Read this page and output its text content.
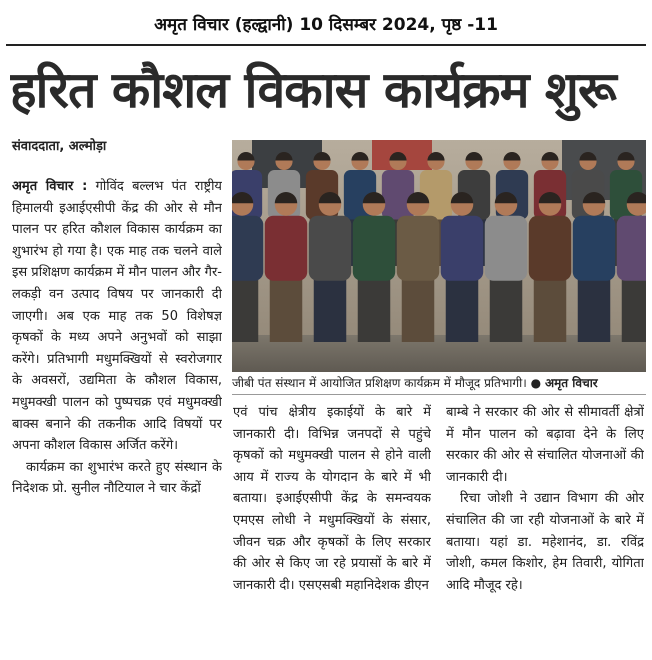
अमृत विचार (हल्द्वानी) 10 दिसम्बर 2024, पृष्ठ -11
हरित कौशल विकास कार्यक्रम शुरू
संवाददाता, अल्मोड़ा

अमृत विचार : गोविंद बल्लभ पंत राष्ट्रीय हिमालयी इआईएसीपी केंद्र की ओर से मौन पालन पर हरित कौशल विकास कार्यक्रम का शुभारंभ हो गया है। एक माह तक चलने वाले इस प्रशिक्षण कार्यक्रम में मौन पालन और गैर-लकड़ी वन उत्पाद विषय पर जानकारी दी जाएगी। अब एक माह तक 50 विशेषज्ञ कृषकों के मध्य अपने अनुभवों को साझा करेंगे। प्रतिभागी मधुमक्खियों से स्वरोजगार के अवसरों, उद्यमिता के कौशल विकास, मधुमक्खी पालन को पुष्पचक्र एवं मधुमक्खी बाक्स बनाने की तकनीक आदि विषयों पर अपना कौशल विकास अर्जित करेंगे।

कार्यक्रम का शुभारंभ करते हुए संस्थान के निदेशक प्रो. सुनील नौटियाल ने चार केंद्रों

जीबी पंत संस्थान में आयोजित प्रशिक्षण कार्यक्रम में मौजूद प्रतिभागी। ● अमृत विचार

एवं पांच क्षेत्रीय इकाईयों के बारे में जानकारी दी। विभिन्न जनपदों से पहुंचे कृषकों को मधुमक्खी पालन से होने वाली आय में राज्य के योगदान के बारे में भी बताया। इआईएसीपी केंद्र के समन्वयक एमएस लोधी ने मधुमक्खियों के संसार, जीवन चक्र और कृषकों के लिए सरकार की ओर से किए जा रहे प्रयासों के बारे में जानकारी दी। एसएसबी महानिदेशक डीएन

बाम्बे ने सरकार की ओर से सीमावर्ती क्षेत्रों में मौन पालन को बढ़ावा देने के लिए सरकार की ओर से संचालित योजनाओं की जानकारी दी।

रिचा जोशी ने उद्यान विभाग की ओर संचालित की जा रही योजनाओं के बारे में बताया। यहां डा. महेशानंद, डा. रविंद्र जोशी, कमल किशोर, हेम तिवारी, योगिता आदि मौजूद रहे।
